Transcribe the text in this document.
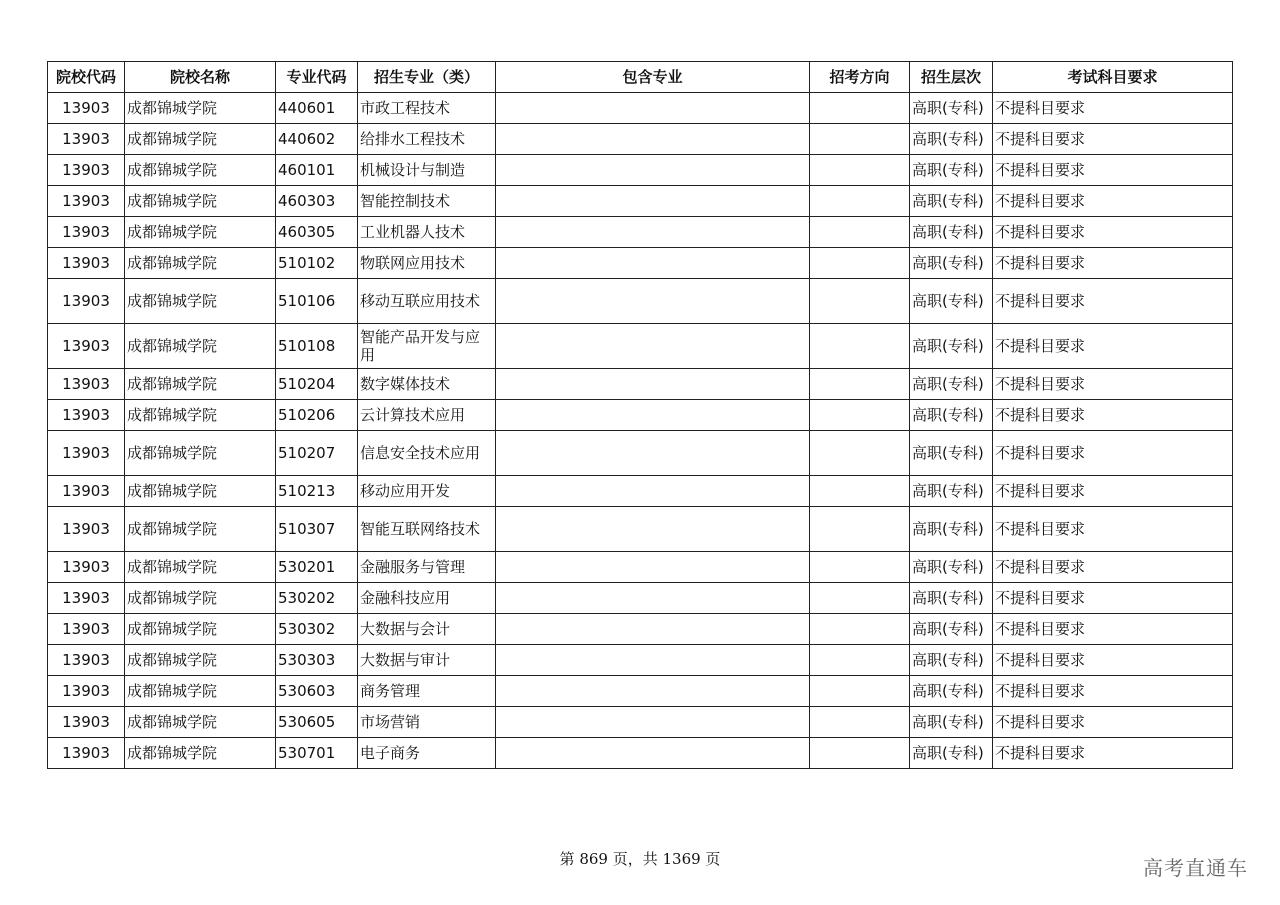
院校代码	院校名称	专业代码	招生专业（类）	包含专业	招考方向	招生层次	考试科目要求
13903	成都锦城学院	440601	市政工程技术			高职(专科)	不提科目要求
13903	成都锦城学院	440602	给排水工程技术			高职(专科)	不提科目要求
13903	成都锦城学院	460101	机械设计与制造			高职(专科)	不提科目要求
13903	成都锦城学院	460303	智能控制技术			高职(专科)	不提科目要求
13903	成都锦城学院	460305	工业机器人技术			高职(专科)	不提科目要求
13903	成都锦城学院	510102	物联网应用技术			高职(专科)	不提科目要求
13903	成都锦城学院	510106	移动互联应用技术			高职(专科)	不提科目要求
13903	成都锦城学院	510108	智能产品开发与应用			高职(专科)	不提科目要求
13903	成都锦城学院	510204	数字媒体技术			高职(专科)	不提科目要求
13903	成都锦城学院	510206	云计算技术应用			高职(专科)	不提科目要求
13903	成都锦城学院	510207	信息安全技术应用			高职(专科)	不提科目要求
13903	成都锦城学院	510213	移动应用开发			高职(专科)	不提科目要求
13903	成都锦城学院	510307	智能互联网络技术			高职(专科)	不提科目要求
13903	成都锦城学院	530201	金融服务与管理			高职(专科)	不提科目要求
13903	成都锦城学院	530202	金融科技应用			高职(专科)	不提科目要求
13903	成都锦城学院	530302	大数据与会计			高职(专科)	不提科目要求
13903	成都锦城学院	530303	大数据与审计			高职(专科)	不提科目要求
13903	成都锦城学院	530603	商务管理			高职(专科)	不提科目要求
13903	成都锦城学院	530605	市场营销			高职(专科)	不提科目要求
13903	成都锦城学院	530701	电子商务			高职(专科)	不提科目要求
第 869 页，共 1369 页	高考直通车
